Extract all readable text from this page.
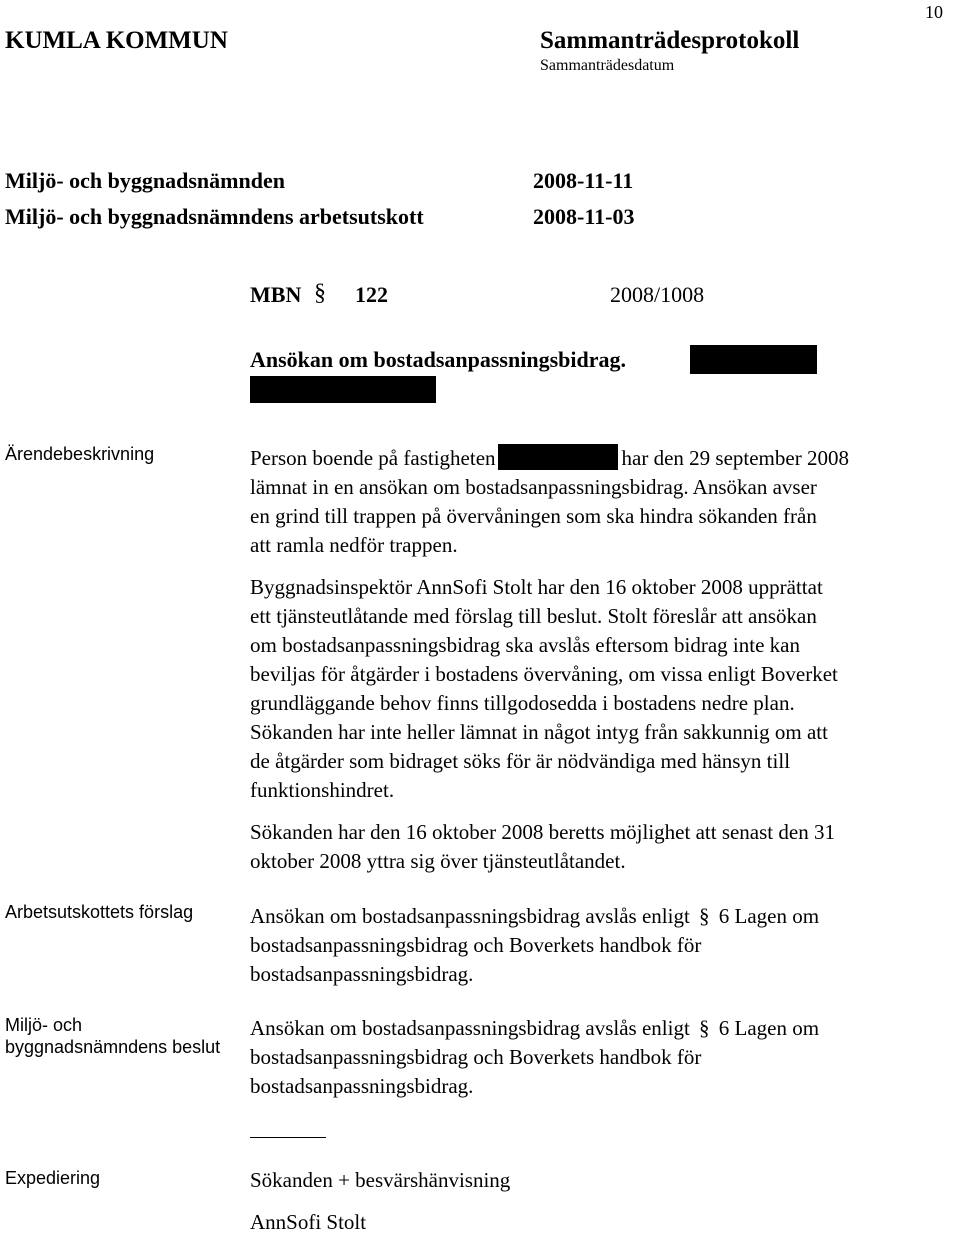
10
KUMLA KOMMUN	Sammanträdesprotokoll
Sammanträdesdatum
Miljö- och byggnadsnämnden	2008-11-11
Miljö- och byggnadsnämndens arbetsutskott	2008-11-03
MBN § 122	2008/1008
Ansökan om bostadsanpassningsbidrag.
Ärendebeskrivning	Person boende på fastigheten	har den 29 september 2008
lämnat in en ansökan om bostadsanpassningsbidrag. Ansökan avser
en grind till trappen på övervåningen som ska hindra sökanden från
att ramla nedför trappen.
Byggnadsinspektör AnnSofi Stolt har den 16 oktober 2008 upprättat
ett tjänsteutlåtande med förslag till beslut. Stolt föreslår att ansökan
om bostadsanpassningsbidrag ska avslås eftersom bidrag inte kan
beviljas för åtgärder i bostadens övervåning, om vissa enligt Boverket
grundläggande behov finns tillgodosedda i bostadens nedre plan.
Sökanden har inte heller lämnat in något intyg från sakkunnig om att
de åtgärder som bidraget söks för är nödvändiga med hänsyn till
funktionshindret.
Sökanden har den 16 oktober 2008 beretts möjlighet att senast den 31
oktober 2008 yttra sig över tjänsteutlåtandet.
Arbetsutskottets förslag	Ansökan om bostadsanpassningsbidrag avslås enligt § 6 Lagen om
bostadsanpassningsbidrag och Boverkets handbok för
bostadsanpassningsbidrag.
Miljö- och
byggnadsnämndens beslut
Ansökan om bostadsanpassningsbidrag avslås enligt § 6 Lagen om
bostadsanpassningsbidrag och Boverkets handbok för
bostadsanpassningsbidrag.
Expediering	Sökanden + besvärshänvisning
AnnSofi Stolt
